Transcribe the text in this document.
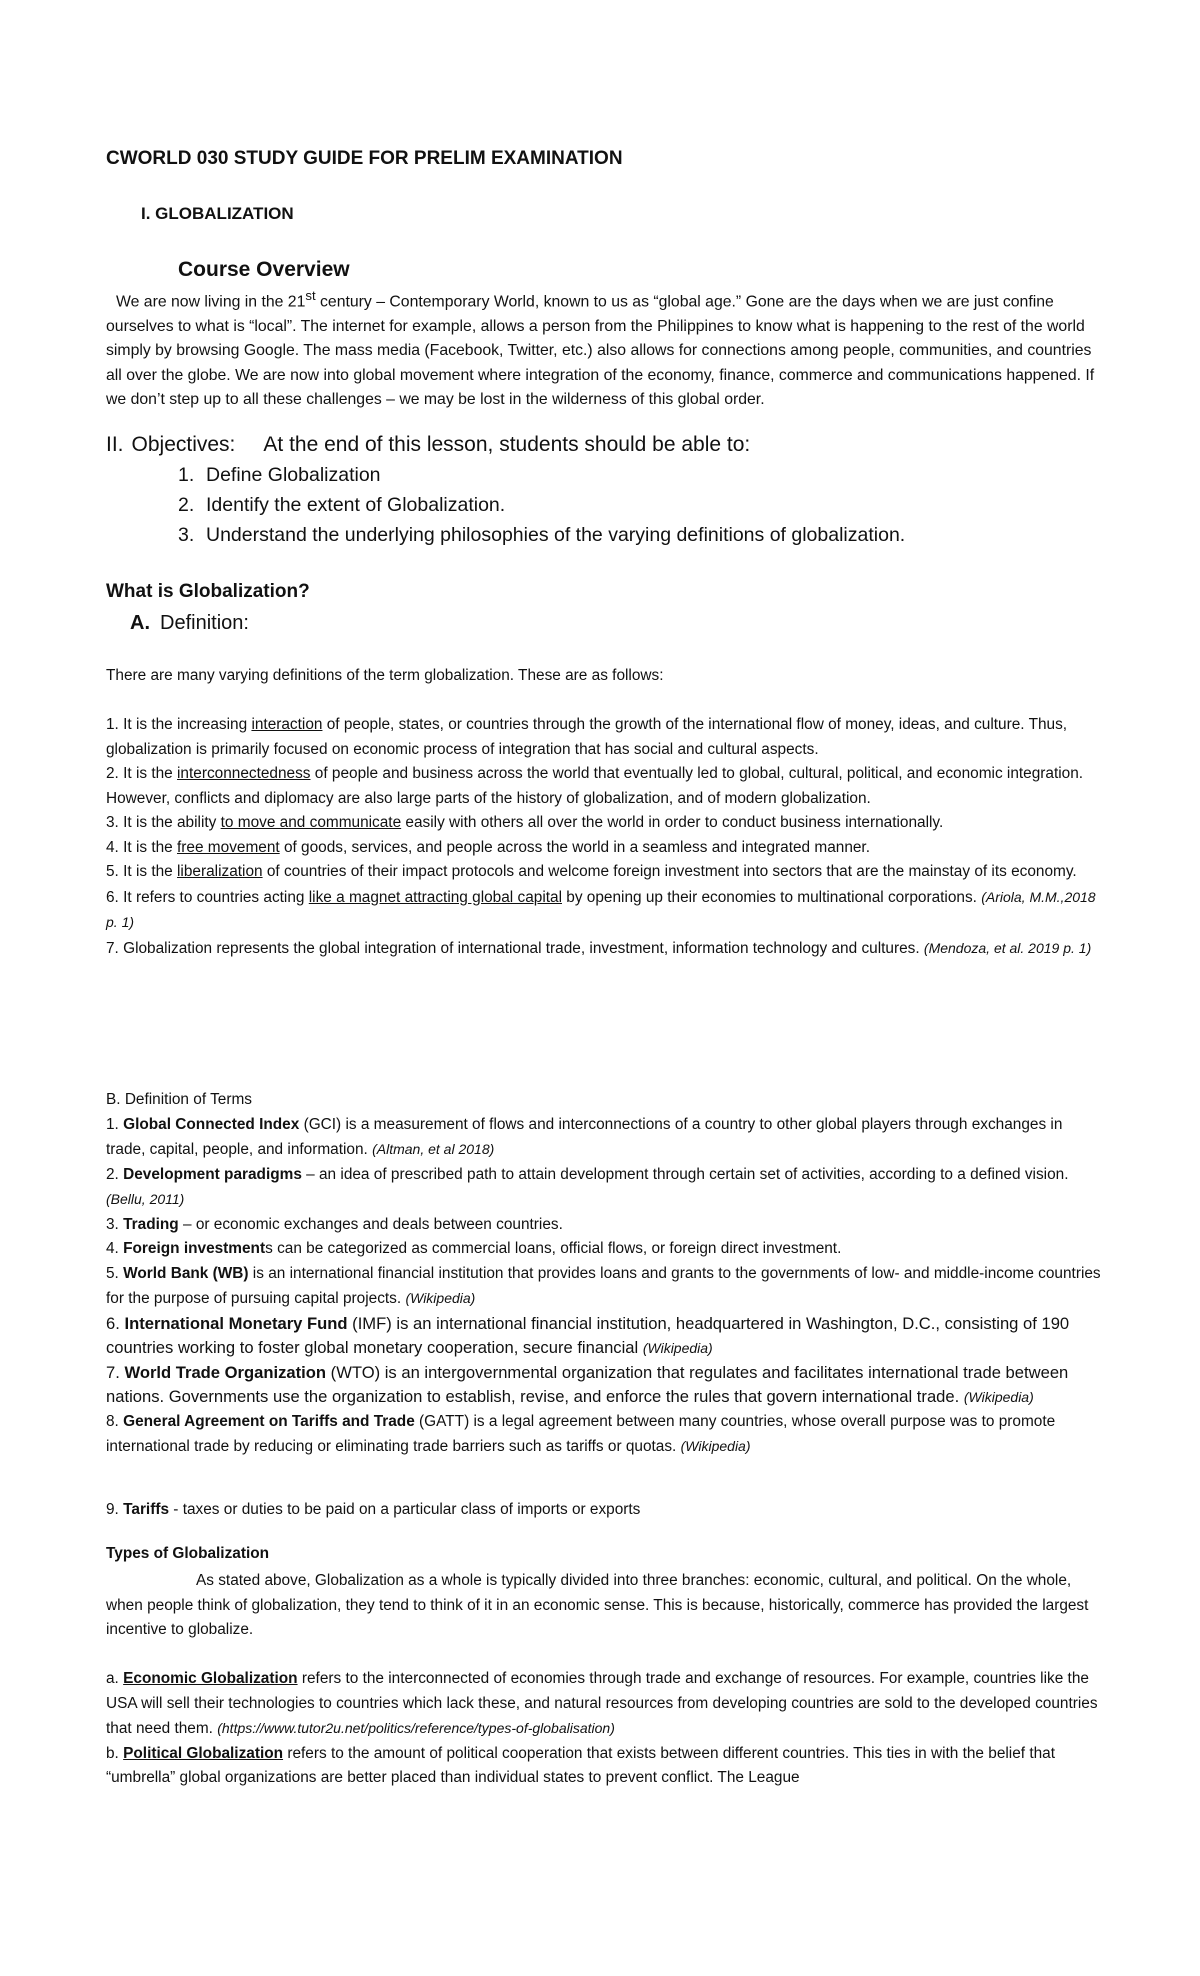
CWORLD 030 STUDY GUIDE FOR PRELIM EXAMINATION
I. GLOBALIZATION
Course Overview

We are now living in the 21st century – Contemporary World, known to us as “global age.” Gone are the days when we are just confine ourselves to what is “local”. The internet for example, allows a person from the Philippines to know what is happening to the rest of the world simply by browsing Google. The mass media (Facebook, Twitter, etc.) also allows for connections among people, communities, and countries all over the globe. We are now into global movement where integration of the economy, finance, commerce and communications happened. If we don’t step up to all these challenges – we may be lost in the wilderness of this global order.

II. Objectives: At the end of this lesson, students should be able to:
1. Define Globalization
2. Identify the extent of Globalization.
3. Understand the underlying philosophies of the varying definitions of globalization.
What is Globalization?
A. Definition:

There are many varying definitions of the term globalization. These are as follows:

1. It is the increasing interaction of people, states, or countries through the growth of the international flow of money, ideas, and culture. Thus, globalization is primarily focused on economic process of integration that has social and cultural aspects.

2. It is the interconnectedness of people and business across the world that eventually led to global, cultural, political, and economic integration. However, conflicts and diplomacy are also large parts of the history of globalization, and of modern globalization.

3. It is the ability to move and communicate easily with others all over the world in order to conduct business internationally.

4. It is the free movement of goods, services, and people across the world in a seamless and integrated manner.

5. It is the liberalization of countries of their impact protocols and welcome foreign investment into sectors that are the mainstay of its economy.

6. It refers to countries acting like a magnet attracting global capital by opening up their economies to multinational corporations. (Ariola, M.M.,2018 p. 1)

7. Globalization represents the global integration of international trade, investment, information technology and cultures. (Mendoza, et al. 2019 p. 1)

B. Definition of Terms

1. Global Connected Index (GCI) is a measurement of flows and interconnections of a country to other global players through exchanges in trade, capital, people, and information. (Altman, et al 2018)

2. Development paradigms – an idea of prescribed path to attain development through certain set of activities, according to a defined vision. (Bellu, 2011)

3. Trading – or economic exchanges and deals between countries.

4. Foreign investments can be categorized as commercial loans, official flows, or foreign direct investment.

5. World Bank (WB) is an international financial institution that provides loans and grants to the governments of low- and middle-income countries for the purpose of pursuing capital projects. (Wikipedia)

6. International Monetary Fund (IMF) is an international financial institution, headquartered in Washington, D.C., consisting of 190 countries working to foster global monetary cooperation, secure financial (Wikipedia)

7. World Trade Organization (WTO) is an intergovernmental organization that regulates and facilitates international trade between nations. Governments use the organization to establish, revise, and enforce the rules that govern international trade. (Wikipedia)

8. General Agreement on Tariffs and Trade (GATT) is a legal agreement between many countries, whose overall purpose was to promote international trade by reducing or eliminating trade barriers such as tariffs or quotas. (Wikipedia)

9. Tariffs - taxes or duties to be paid on a particular class of imports or exports

Types of Globalization

As stated above, Globalization as a whole is typically divided into three branches: economic, cultural, and political. On the whole, when people think of globalization, they tend to think of it in an economic sense. This is because, historically, commerce has provided the largest incentive to globalize.

a. Economic Globalization refers to the interconnected of economies through trade and exchange of resources. For example, countries like the USA will sell their technologies to countries which lack these, and natural resources from developing countries are sold to the developed countries that need them. (https://www.tutor2u.net/politics/reference/types-of-globalisation)

b. Political Globalization refers to the amount of political cooperation that exists between different countries. This ties in with the belief that “umbrella” global organizations are better placed than individual states to prevent conflict. The League
